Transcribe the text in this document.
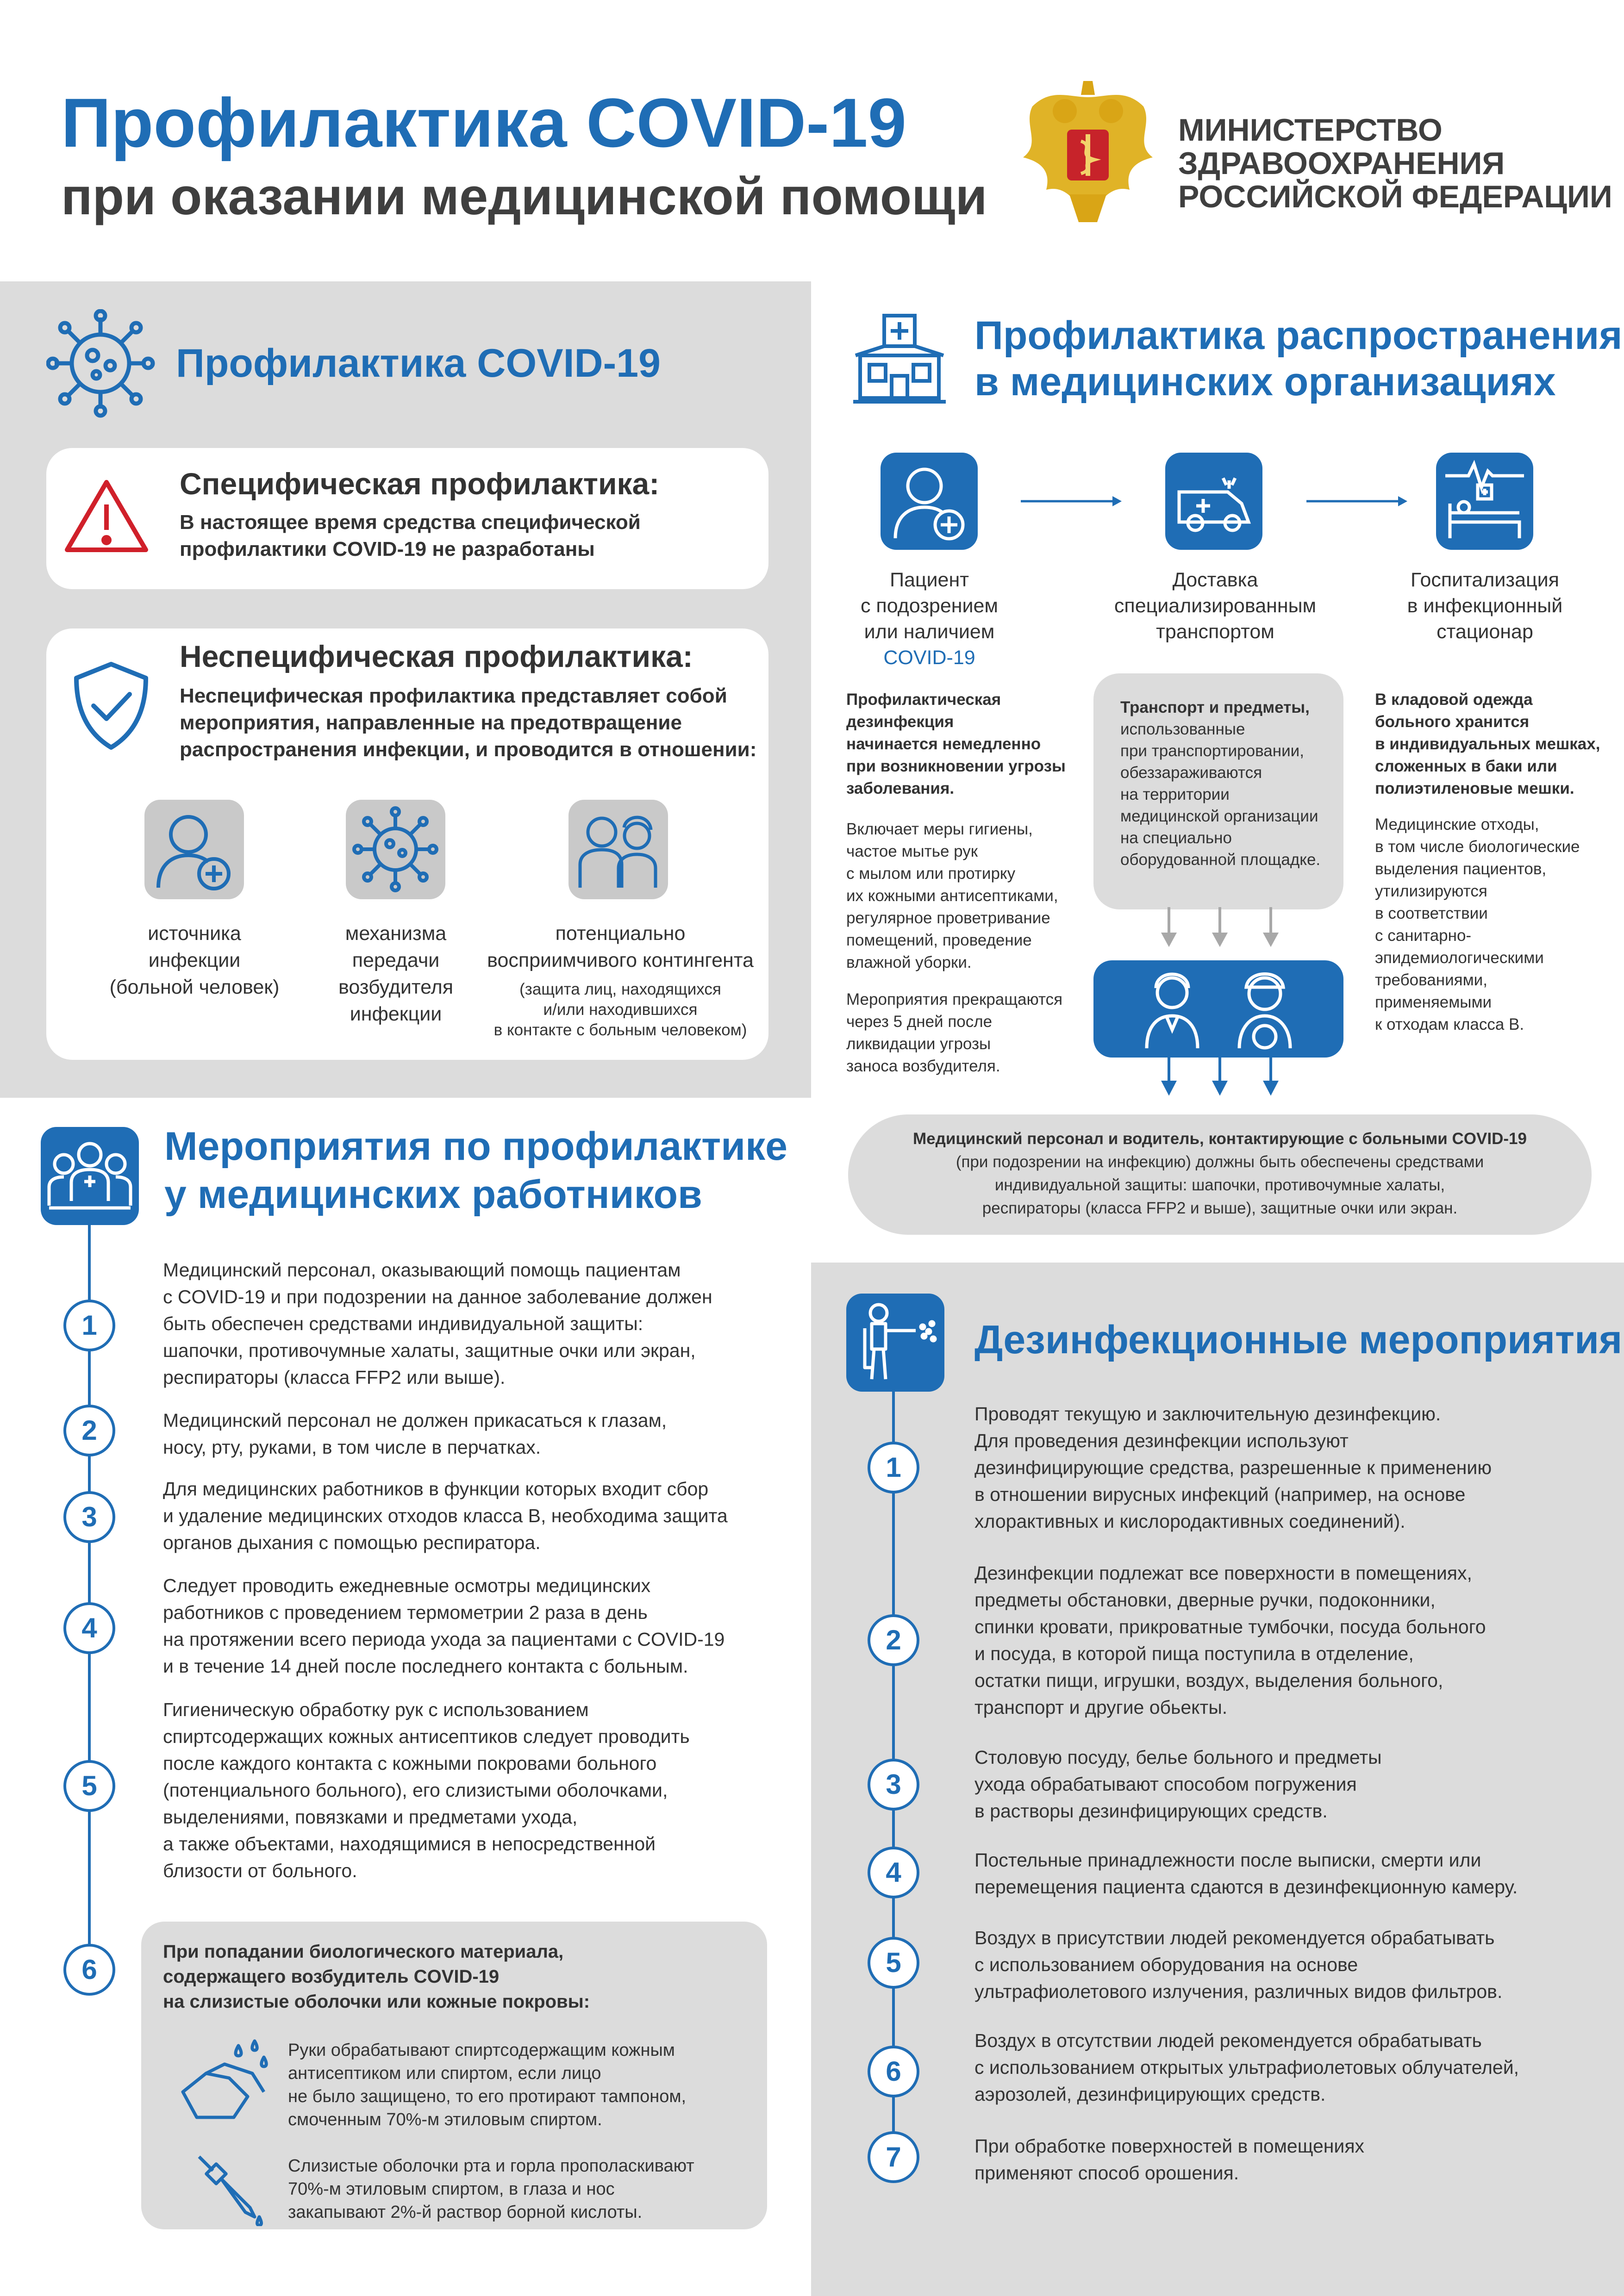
Профилактика COVID-19
при оказании медицинской помощи
МИНИСТЕРСТВО
ЗДРАВООХРАНЕНИЯ
РОССИЙСКОЙ ФЕДЕРАЦИИ
Профилактика COVID-19
Специфическая профилактика:
В настоящее время средства специфической
профилактики COVID-19 не разработаны
Неспецифическая профилактика:
Неспецифическая профилактика представляет собой
мероприятия, направленные на предотвращение
распространения инфекции, и проводится в отношении:
источника
инфекции
(больной человек)
механизма
передачи
возбудителя
инфекции
потенциально
восприимчивого контингента
(защита лиц, находящихся
и/или находившихся
в контакте с больным человеком)
Профилактика распространения
в медицинских организациях
Пациент
с подозрением
или наличием
COVID-19
Доставка
специализированным
транспортом
Госпитализация
в инфекционный
стационар
Профилактическая
дезинфекция
начинается немедленно
при возникновении угрозы
заболевания.
Включает меры гигиены,
частое мытье рук
с мылом или протирку
их кожными антисептиками,
регулярное проветривание
помещений, проведение
влажной уборки.
Мероприятия прекращаются
через 5 дней после
ликвидации угрозы
заноса возбудителя.
Транспорт и предметы,
использованные
при транспортировании,
обеззараживаются
на территории
медицинской организации
на специально
оборудованной площадке.
В кладовой одежда
больного хранится
в индивидуальных мешках,
сложенных в баки или
полиэтиленовые мешки.
Медицинские отходы,
в том числе биологические
выделения пациентов,
утилизируются
в соответствии
с санитарно-
эпидемиологическими
требованиями,
применяемыми
к отходам класса В.
Медицинский персонал и водитель, контактирующие с больными COVID-19
(при подозрении на инфекцию) должны быть обеспечены средствами
индивидуальной защиты: шапочки, противочумные халаты,
респираторы (класса FFP2 и выше), защитные очки или экран.
Мероприятия по профилактике
у медицинских работников
1
2
3
4
5
6
Медицинский персонал, оказывающий помощь пациентам
с COVID-19 и при подозрении на данное заболевание должен
быть обеспечен средствами индивидуальной защиты:
шапочки, противочумные халаты, защитные очки или экран,
респираторы (класса FFP2 или выше).
Медицинский персонал не должен прикасаться к глазам,
носу, рту, руками, в том числе в перчатках.
Для медицинских работников в функции которых входит сбор
и удаление медицинских отходов класса В, необходима защита
органов дыхания с помощью респиратора.
Следует проводить ежедневные осмотры медицинских
работников с проведением термометрии 2 раза в день
на протяжении всего периода ухода за пациентами с COVID-19
и в течение 14 дней после последнего контакта с больным.
Гигиеническую обработку рук с использованием
спиртсодержащих кожных антисептиков следует проводить
после каждого контакта с кожными покровами больного
(потенциального больного), его слизистыми оболочками,
выделениями, повязками и предметами ухода,
а также объектами, находящимися в непосредственной
близости от больного.
При попадании биологического материала,
содержащего возбудитель COVID-19
на слизистые оболочки или кожные покровы:
Руки обрабатывают спиртсодержащим кожным
антисептиком или спиртом, если лицо
не было защищено, то его протирают тампоном,
смоченным 70%-м этиловым спиртом.
Слизистые оболочки рта и горла прополаскивают
70%-м этиловым спиртом, в глаза и нос
закапывают 2%-й раствор борной кислоты.
Дезинфекционные мероприятия
1
2
3
4
5
6
7
Проводят текущую и заключительную дезинфекцию.
Для проведения дезинфекции используют
дезинфицирующие средства, разрешенные к применению
в отношении вирусных инфекций (например, на основе
хлорактивных и кислородактивных соединений).
Дезинфекции подлежат все поверхности в помещениях,
предметы обстановки, дверные ручки, подоконники,
спинки кровати, прикроватные тумбочки, посуда больного
и посуда, в которой пища поступила в отделение,
остатки пищи, игрушки, воздух, выделения больного,
транспорт и другие обьекты.
Столовую посуду, белье больного и предметы
ухода обрабатывают способом погружения
в растворы дезинфицирующих средств.
Постельные принадлежности после выписки, смерти или
перемещения пациента сдаются в дезинфекционную камеру.
Воздух в присутствии людей рекомендуется обрабатывать
с использованием оборудования на основе
ультрафиолетового излучения, различных видов фильтров.
Воздух в отсутствии людей рекомендуется обрабатывать
с использованием открытых ультрафиолетовых облучателей,
аэрозолей, дезинфицирующих средств.
При обработке поверхностей в помещениях
применяют способ орошения.
